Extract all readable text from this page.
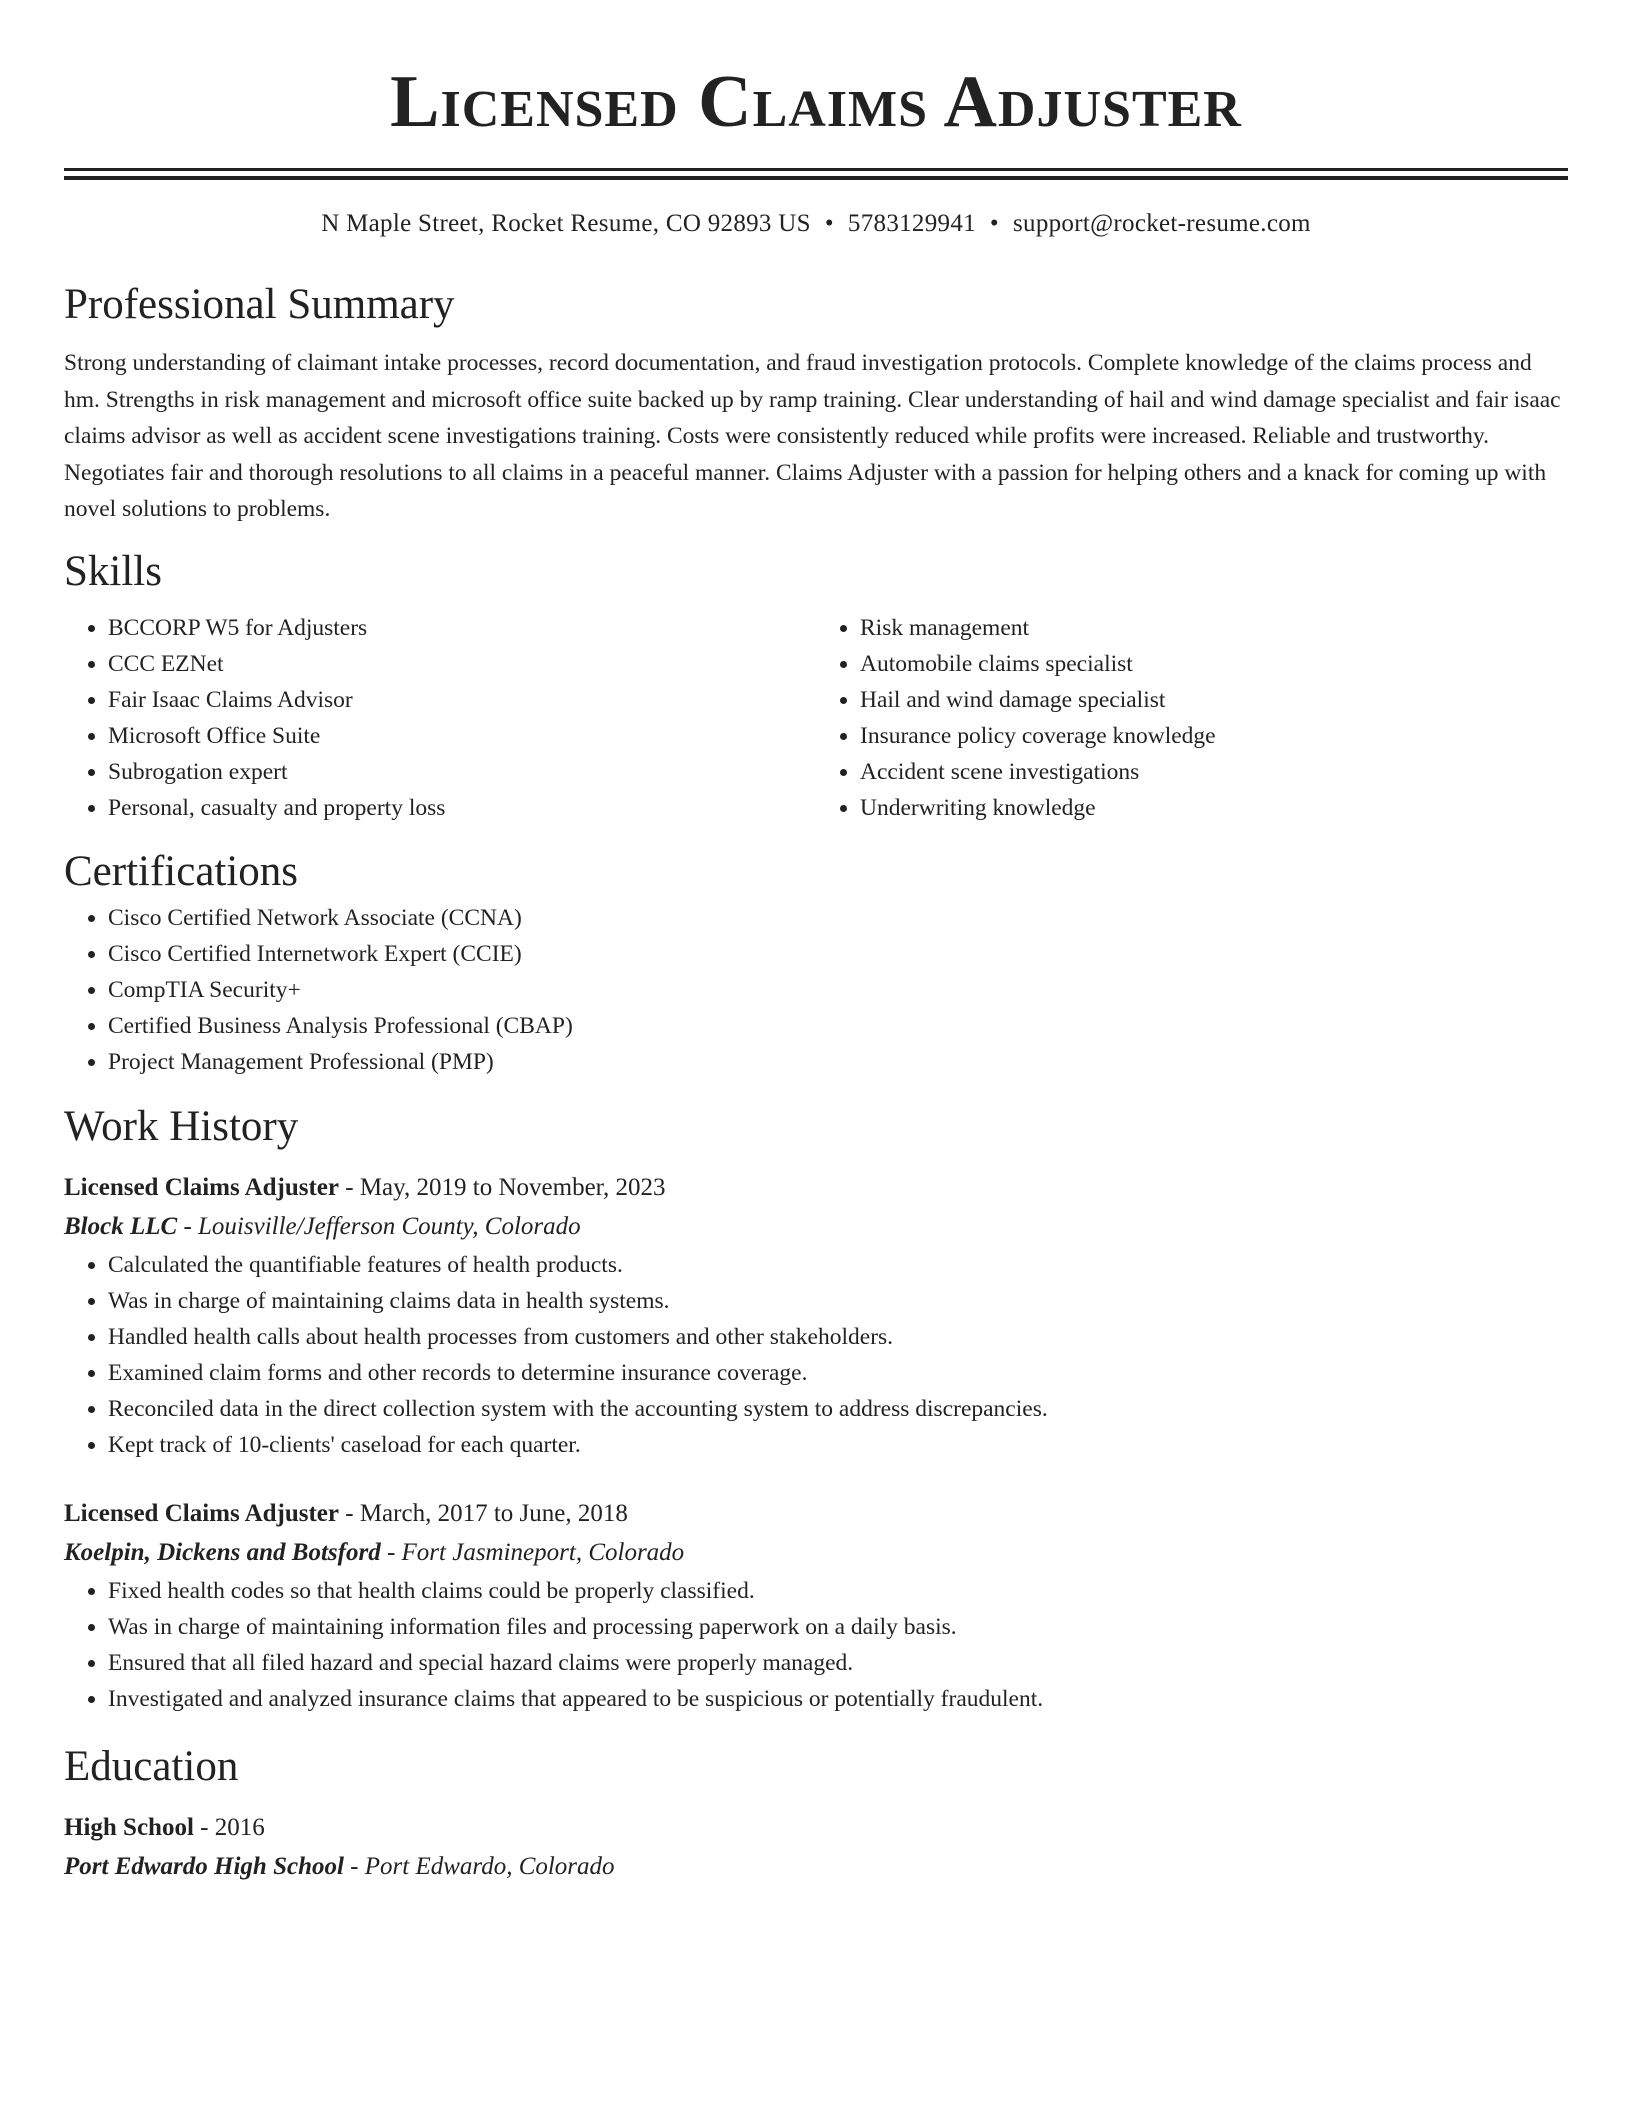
Licensed Claims Adjuster
N Maple Street, Rocket Resume, CO 92893 US • 5783129941 • support@rocket-resume.com
Professional Summary

Strong understanding of claimant intake processes, record documentation, and fraud investigation protocols. Complete knowledge of the claims process and hm. Strengths in risk management and microsoft office suite backed up by ramp training. Clear understanding of hail and wind damage specialist and fair isaac claims advisor as well as accident scene investigations training. Costs were consistently reduced while profits were increased. Reliable and trustworthy. Negotiates fair and thorough resolutions to all claims in a peaceful manner. Claims Adjuster with a passion for helping others and a knack for coming up with novel solutions to problems.

Skills
• BCCORP W5 for Adjusters
• CCC EZNet
• Fair Isaac Claims Advisor
• Microsoft Office Suite
• Subrogation expert
• Personal, casualty and property loss
• Risk management
• Automobile claims specialist
• Hail and wind damage specialist
• Insurance policy coverage knowledge
• Accident scene investigations
• Underwriting knowledge
Certifications
• Cisco Certified Network Associate (CCNA)
• Cisco Certified Internetwork Expert (CCIE)
• CompTIA Security+
• Certified Business Analysis Professional (CBAP)
• Project Management Professional (PMP)
Work History
Licensed Claims Adjuster - May, 2019 to November, 2023
Block LLC - Louisville/Jefferson County, Colorado
• Calculated the quantifiable features of health products.
• Was in charge of maintaining claims data in health systems.
• Handled health calls about health processes from customers and other stakeholders.
• Examined claim forms and other records to determine insurance coverage.
• Reconciled data in the direct collection system with the accounting system to address discrepancies.
• Kept track of 10-clients' caseload for each quarter.
Licensed Claims Adjuster - March, 2017 to June, 2018
Koelpin, Dickens and Botsford - Fort Jasmineport, Colorado
• Fixed health codes so that health claims could be properly classified.
• Was in charge of maintaining information files and processing paperwork on a daily basis.
• Ensured that all filed hazard and special hazard claims were properly managed.
• Investigated and analyzed insurance claims that appeared to be suspicious or potentially fraudulent.
Education
High School - 2016
Port Edwardo High School - Port Edwardo, Colorado
